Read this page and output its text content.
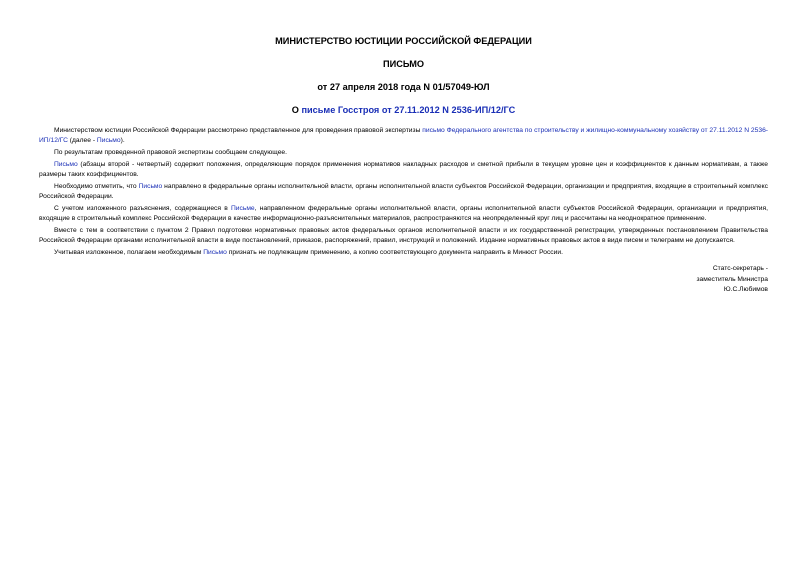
МИНИСТЕРСТВО ЮСТИЦИИ РОССИЙСКОЙ ФЕДЕРАЦИИ
ПИСЬМО
от 27 апреля 2018 года N 01/57049-ЮЛ
О письме Госстроя от 27.11.2012 N 2536-ИП/12/ГС

Министерством юстиции Российской Федерации рассмотрено представленное для проведения правовой экспертизы письмо Федерального агентства по строительству и жилищно-коммунальному хозяйству от 27.11.2012 N 2536-ИП/12/ГС (далее - Письмо).

По результатам проведенной правовой экспертизы сообщаем следующее.

Письмо (абзацы второй - четвертый) содержит положения, определяющие порядок применения нормативов накладных расходов и сметной прибыли в текущем уровне цен и коэффициентов к данным нормативам, а также размеры таких коэффициентов.

Необходимо отметить, что Письмо направлено в федеральные органы исполнительной власти, органы исполнительной власти субъектов Российской Федерации, организации и предприятия, входящие в строительный комплекс Российской Федерации.

С учетом изложенного разъяснения, содержащиеся в Письме, направленном федеральные органы исполнительной власти, органы исполнительной власти субъектов Российской Федерации, организации и предприятия, входящие в строительный комплекс Российской Федерации в качестве информационно-разъяснительных материалов, распространяются на неопределенный круг лиц и рассчитаны на неоднократное применение.

Вместе с тем в соответствии с пунктом 2 Правил подготовки нормативных правовых актов федеральных органов исполнительной власти и их государственной регистрации, утвержденных постановлением Правительства Российской Федерации органами исполнительной власти в виде постановлений, приказов, распоряжений, правил, инструкций и положений. Издание нормативных правовых актов в виде писем и телеграмм не допускается.

Учитывая изложенное, полагаем необходимым Письмо признать не подлежащим применению, а копию соответствующего документа направить в Минюст России.

Статс-секретарь -
заместитель Министра
Ю.С.Любимов
